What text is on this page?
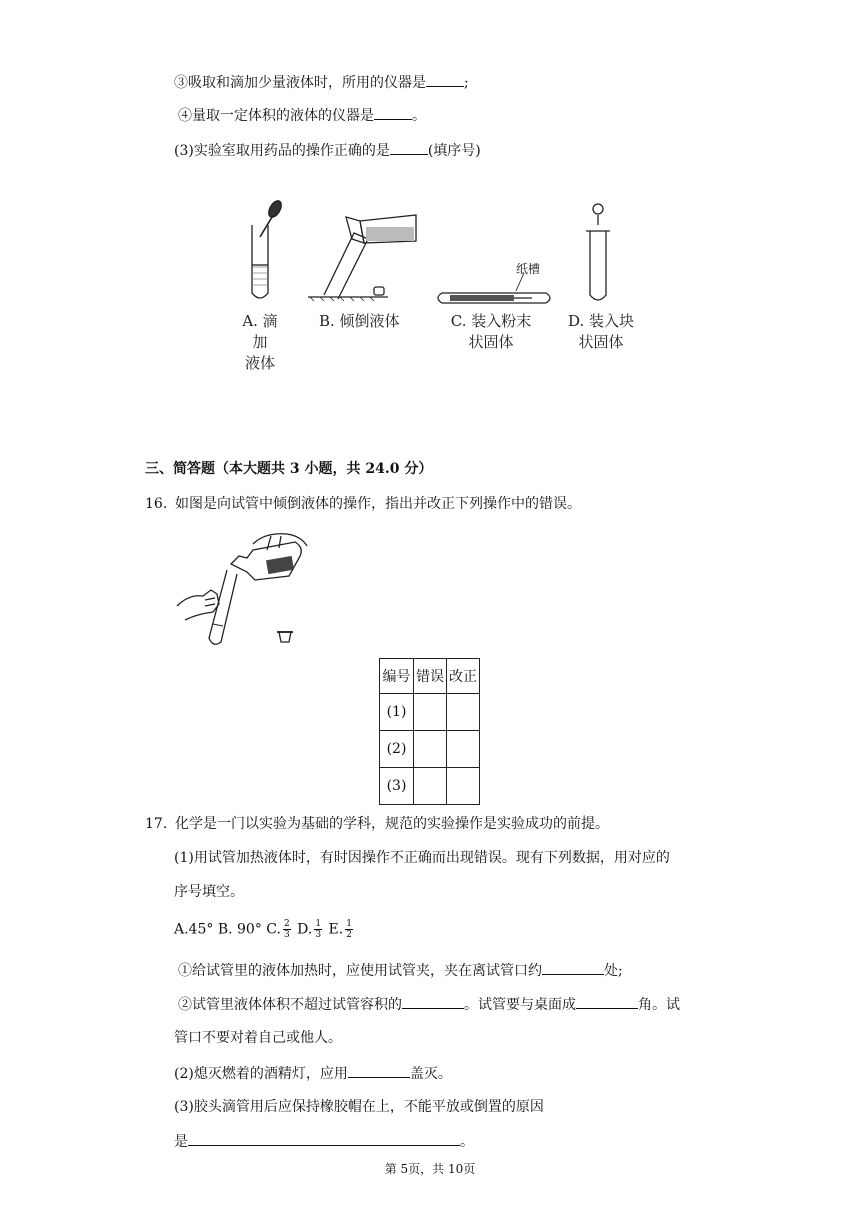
③吸取和滴加少量液体时，所用的仪器是	;
④量取一定体积的液体的仪器是	。
(3)实验室取用药品的操作正确的是	(填序号)
纸槽
A. 滴加
液体
B. 倾倒液体	C. 装入粉末
状固体
D. 装入块
状固体
三、简答题（本大题共 3 小题，共 24.0 分）
16. 如图是向试管中倾倒液体的操作，指出并改正下列操作中的错误。
编号	错误	改正
(1)		
(2)		
(3)		
17. 化学是一门以实验为基础的学科，规范的实验操作是实验成功的前提。
(1)用试管加热液体时，有时因操作不正确而出现错误。现有下列数据，用对应的
序号填空。
A.45° B. 90° C. $\frac{2}{3} D$. $\frac{1}{3} E$. $\frac{1}{2}$
①给试管里的液体加热时，应使用试管夹，夹在离试管口约	处;
②试管里液体体积不超过试管容积的	。试管要与桌面成	角。试
管口不要对着自己或他人。
(2)熄灭燃着的酒精灯，应用	盖灭。
(3)胶头滴管用后应保持橡胶帽在上，不能平放或倒置的原因
是	。
第 5页，共 10页
